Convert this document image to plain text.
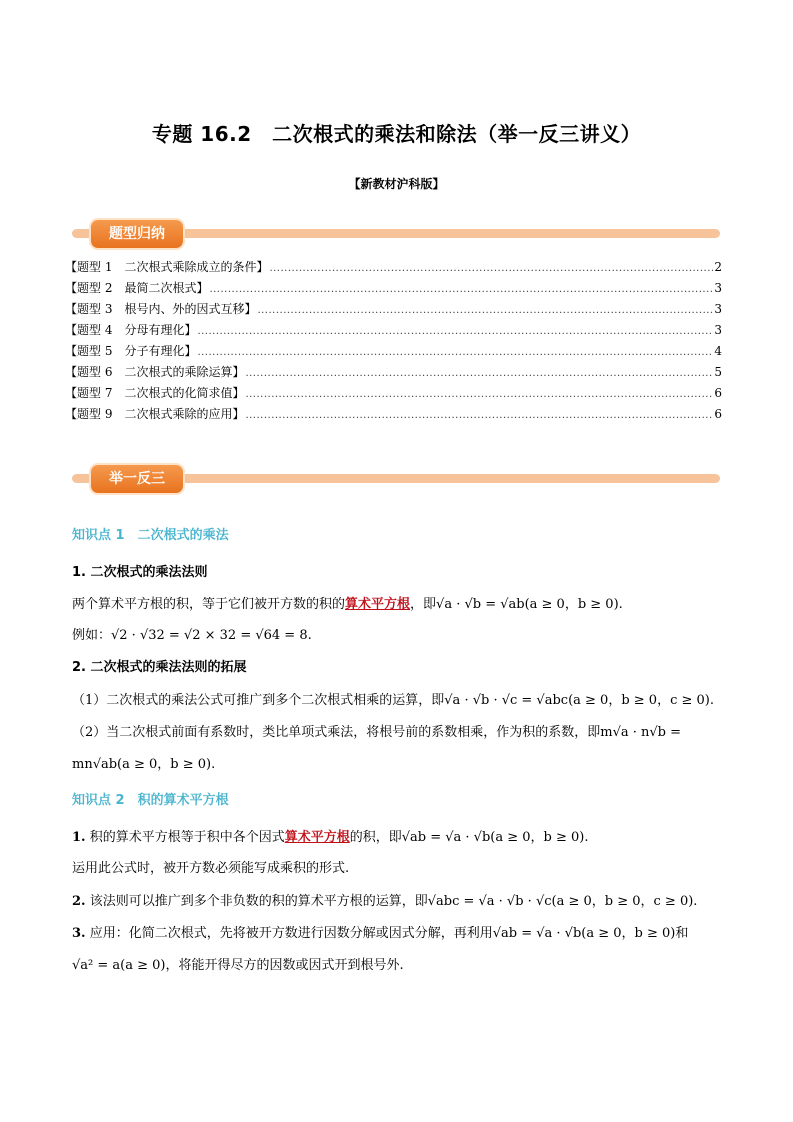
专题 16.2　二次根式的乘法和除法（举一反三讲义）
【新教材沪科版】
题型归纳
【题型 1　二次根式乘除成立的条件】 .....	2
【题型 2　最简二次根式】 .....	3
【题型 3　根号内、外的因式互移】 .....	3
【题型 4　分母有理化】 .....	3
【题型 5　分子有理化】 .....	4
【题型 6　二次根式的乘除运算】 .....	5
【题型 7　二次根式的化简求值】 .....	6
【题型 9　二次根式乘除的应用】 .....	6
举一反三
知识点 1　二次根式的乘法
1. 二次根式的乘法法则
两个算术平方根的积，等于它们被开方数的积的算术平方根，即√a · √b = √ab(a ≥ 0，b ≥ 0).
例如：√2 · √32 = √2 × 32 = √64 = 8.
2. 二次根式的乘法法则的拓展
（1）二次根式的乘法公式可推广到多个二次根式相乘的运算，即√a · √b · √c = √abc(a ≥ 0，b ≥ 0，c ≥ 0).
（2）当二次根式前面有系数时，类比单项式乘法，将根号前的系数相乘，作为积的系数，即m√a · n√b =
mn√ab(a ≥ 0，b ≥ 0).
知识点 2　积的算术平方根
1. 积的算术平方根等于积中各个因式算术平方根的积，即√ab = √a · √b(a ≥ 0，b ≥ 0).
运用此公式时，被开方数必须能写成乘积的形式.
2. 该法则可以推广到多个非负数的积的算术平方根的运算，即√abc = √a · √b · √c(a ≥ 0，b ≥ 0，c ≥ 0).
3. 应用：化简二次根式，先将被开方数进行因数分解或因式分解，再利用√ab = √a · √b(a ≥ 0，b ≥ 0)和
√a² = a(a ≥ 0)，将能开得尽方的因数或因式开到根号外.
